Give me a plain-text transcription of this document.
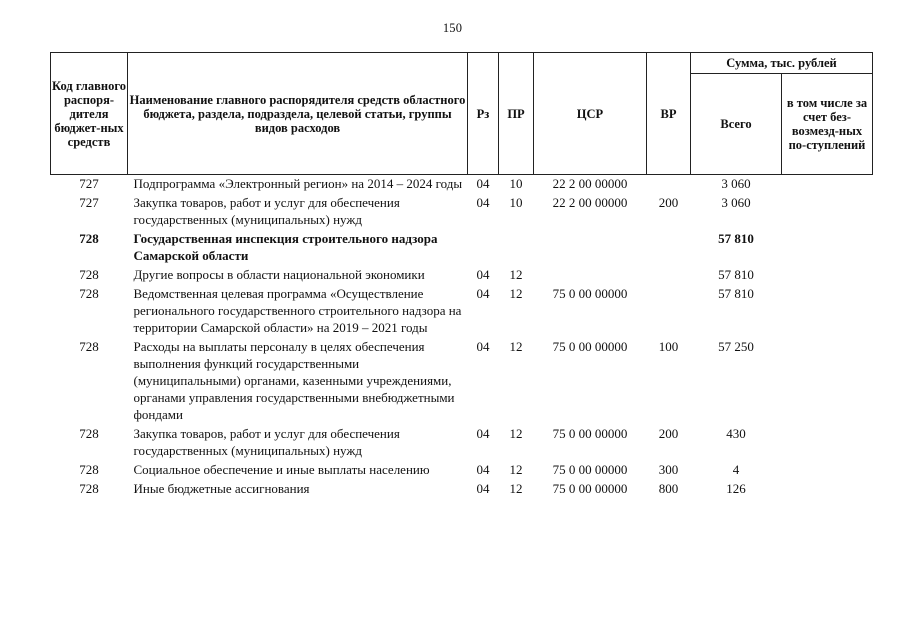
150
Код главного распоря-дителя бюджет-ных средств	Наименование главного распорядителя средств областного бюджета, раздела, подраздела, целевой статьи, группы видов расходов	Рз	ПР	ЦСР	ВР	Сумма, тыс. рублей	
						Всего	в том числе за счет без-возмезд-ных по-ступлений
727	Подпрограмма «Электронный регион» на 2014 – 2024 годы	04	10	22 2 00 00000		3 060	
727	Закупка товаров, работ и услуг для обеспечения государственных (муниципальных) нужд	04	10	22 2 00 00000	200	3 060	
728	Государственная инспекция строительного надзора Самарской области					57 810	
728	Другие вопросы в области национальной экономики	04	12			57 810	
728	Ведомственная целевая программа «Осуществление регионального государственного строительного надзора на территории Самарской области» на 2019 – 2021 годы	04	12	75 0 00 00000		57 810	
728	Расходы на выплаты персоналу в целях обеспечения выполнения функций государственными (муниципальными) органами, казенными учреждениями, органами управления государственными внебюджетными фондами	04	12	75 0 00 00000	100	57 250	
728	Закупка товаров, работ и услуг для обеспечения государственных (муниципальных) нужд	04	12	75 0 00 00000	200	430	
728	Социальное обеспечение и иные выплаты населению	04	12	75 0 00 00000	300	4	
728	Иные бюджетные ассигнования	04	12	75 0 00 00000	800	126	
